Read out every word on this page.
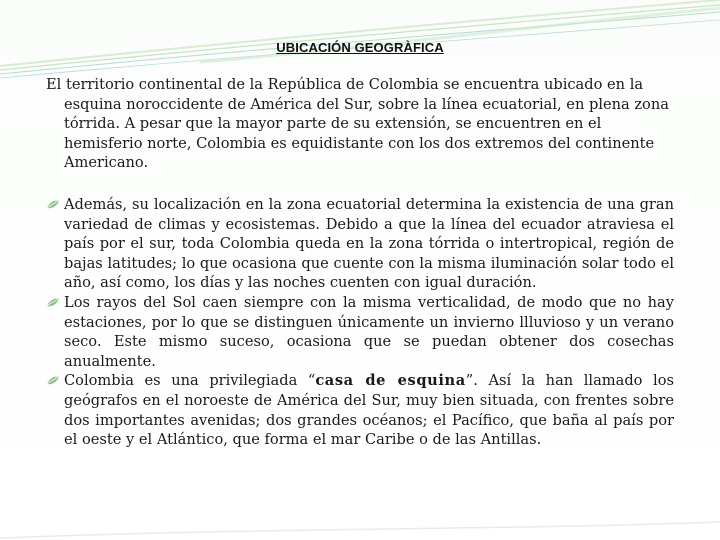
UBICACIÓN GEOGRÀFICA

El territorio continental de la República de Colombia se encuentra ubicado en la esquina noroccidente de América del Sur, sobre la línea ecuatorial, en plena zona tórrida. A pesar que la mayor parte de su extensión, se encuentren en el hemisferio norte, Colombia es equidistante con los dos extremos del continente Americano.

Además, su localización en la zona ecuatorial determina la existencia de una gran variedad de climas y ecosistemas. Debido a que la línea del ecuador atraviesa el país por el sur, toda Colombia queda en la zona tórrida o intertropical, región de bajas latitudes; lo que ocasiona que cuente con la misma iluminación solar todo el año, así como, los días y las noches cuenten con igual duración.
Los rayos del Sol caen siempre con la misma verticalidad, de modo que no hay estaciones, por lo que se distinguen únicamente un invierno llluvioso y un verano seco. Este mismo suceso, ocasiona que se puedan obtener dos cosechas anualmente.
Colombia es una privilegiada “casa de esquina”. Así la han llamado los geógrafos en el noroeste de América del Sur, muy bien situada, con frentes sobre dos importantes avenidas; dos grandes océanos; el Pacífico, que baña al país por el oeste y el Atlántico, que forma el mar Caribe o de las Antillas.
